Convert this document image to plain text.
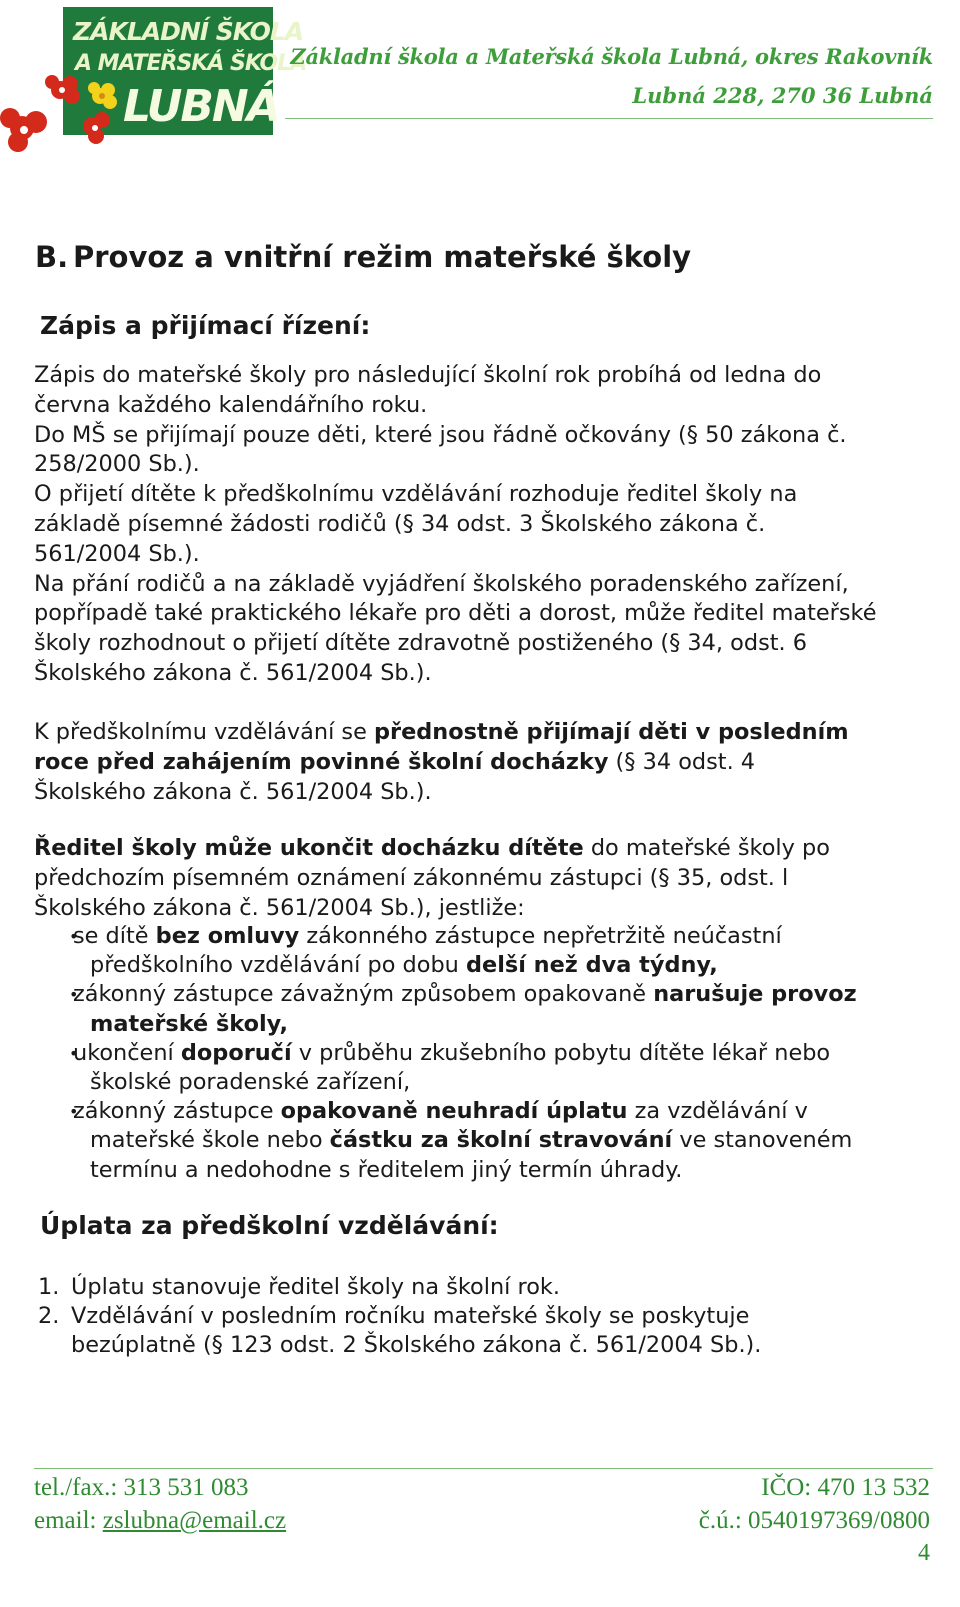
ZÁKLADNÍ ŠKOLA
A MATEŘSKÁ ŠKOLA
LUBNÁ
Základní škola a Mateřská škola Lubná, okres Rakovník
Lubná 228, 270 36 Lubná
B. Provoz a vnitřní režim mateřské školy
Zápis a přijímací řízení:
Zápis do mateřské školy pro následující školní rok probíhá od ledna do
června každého kalendářního roku.
Do MŠ se přijímají pouze děti, které jsou řádně očkovány (§ 50 zákona č.
258/2000 Sb.).
O přijetí dítěte k předškolnímu vzdělávání rozhoduje ředitel školy na
základě písemné žádosti rodičů (§ 34 odst. 3 Školského zákona č.
561/2004 Sb.).
Na přání rodičů a na základě vyjádření školského poradenského zařízení,
popřípadě také praktického lékaře pro děti a dorost, může ředitel mateřské
školy rozhodnout o přijetí dítěte zdravotně postiženého (§ 34, odst. 6
Školského zákona č. 561/2004 Sb.).
K předškolnímu vzdělávání se přednostně přijímají děti v posledním
roce před zahájením povinné školní docházky (§ 34 odst. 4
Školského zákona č. 561/2004 Sb.).
Ředitel školy může ukončit docházku dítěte do mateřské školy po
předchozím písemném oznámení zákonnému zástupci (§ 35, odst. l
Školského zákona č. 561/2004 Sb.), jestliže:
• se dítě bez omluvy zákonného zástupce nepřetržitě neúčastní
předškolního vzdělávání po dobu delší než dva týdny,
• zákonný zástupce závažným způsobem opakovaně narušuje provoz
mateřské školy,
• ukončení doporučí v průběhu zkušebního pobytu dítěte lékař nebo
školské poradenské zařízení,
• zákonný zástupce opakovaně neuhradí úplatu za vzdělávání v
mateřské škole nebo částku za školní stravování ve stanoveném
termínu a nedohodne s ředitelem jiný termín úhrady.
Úplata za předškolní vzdělávání:
1. Úplatu stanovuje ředitel školy na školní rok.
2. Vzdělávání v posledním ročníku mateřské školy se poskytuje
bezúplatně (§ 123 odst. 2 Školského zákona č. 561/2004 Sb.).
tel./fax.: 313 531 083
email: zslubna@email.cz
IČO: 470 13 532
č.ú.: 0540197369/0800
4
